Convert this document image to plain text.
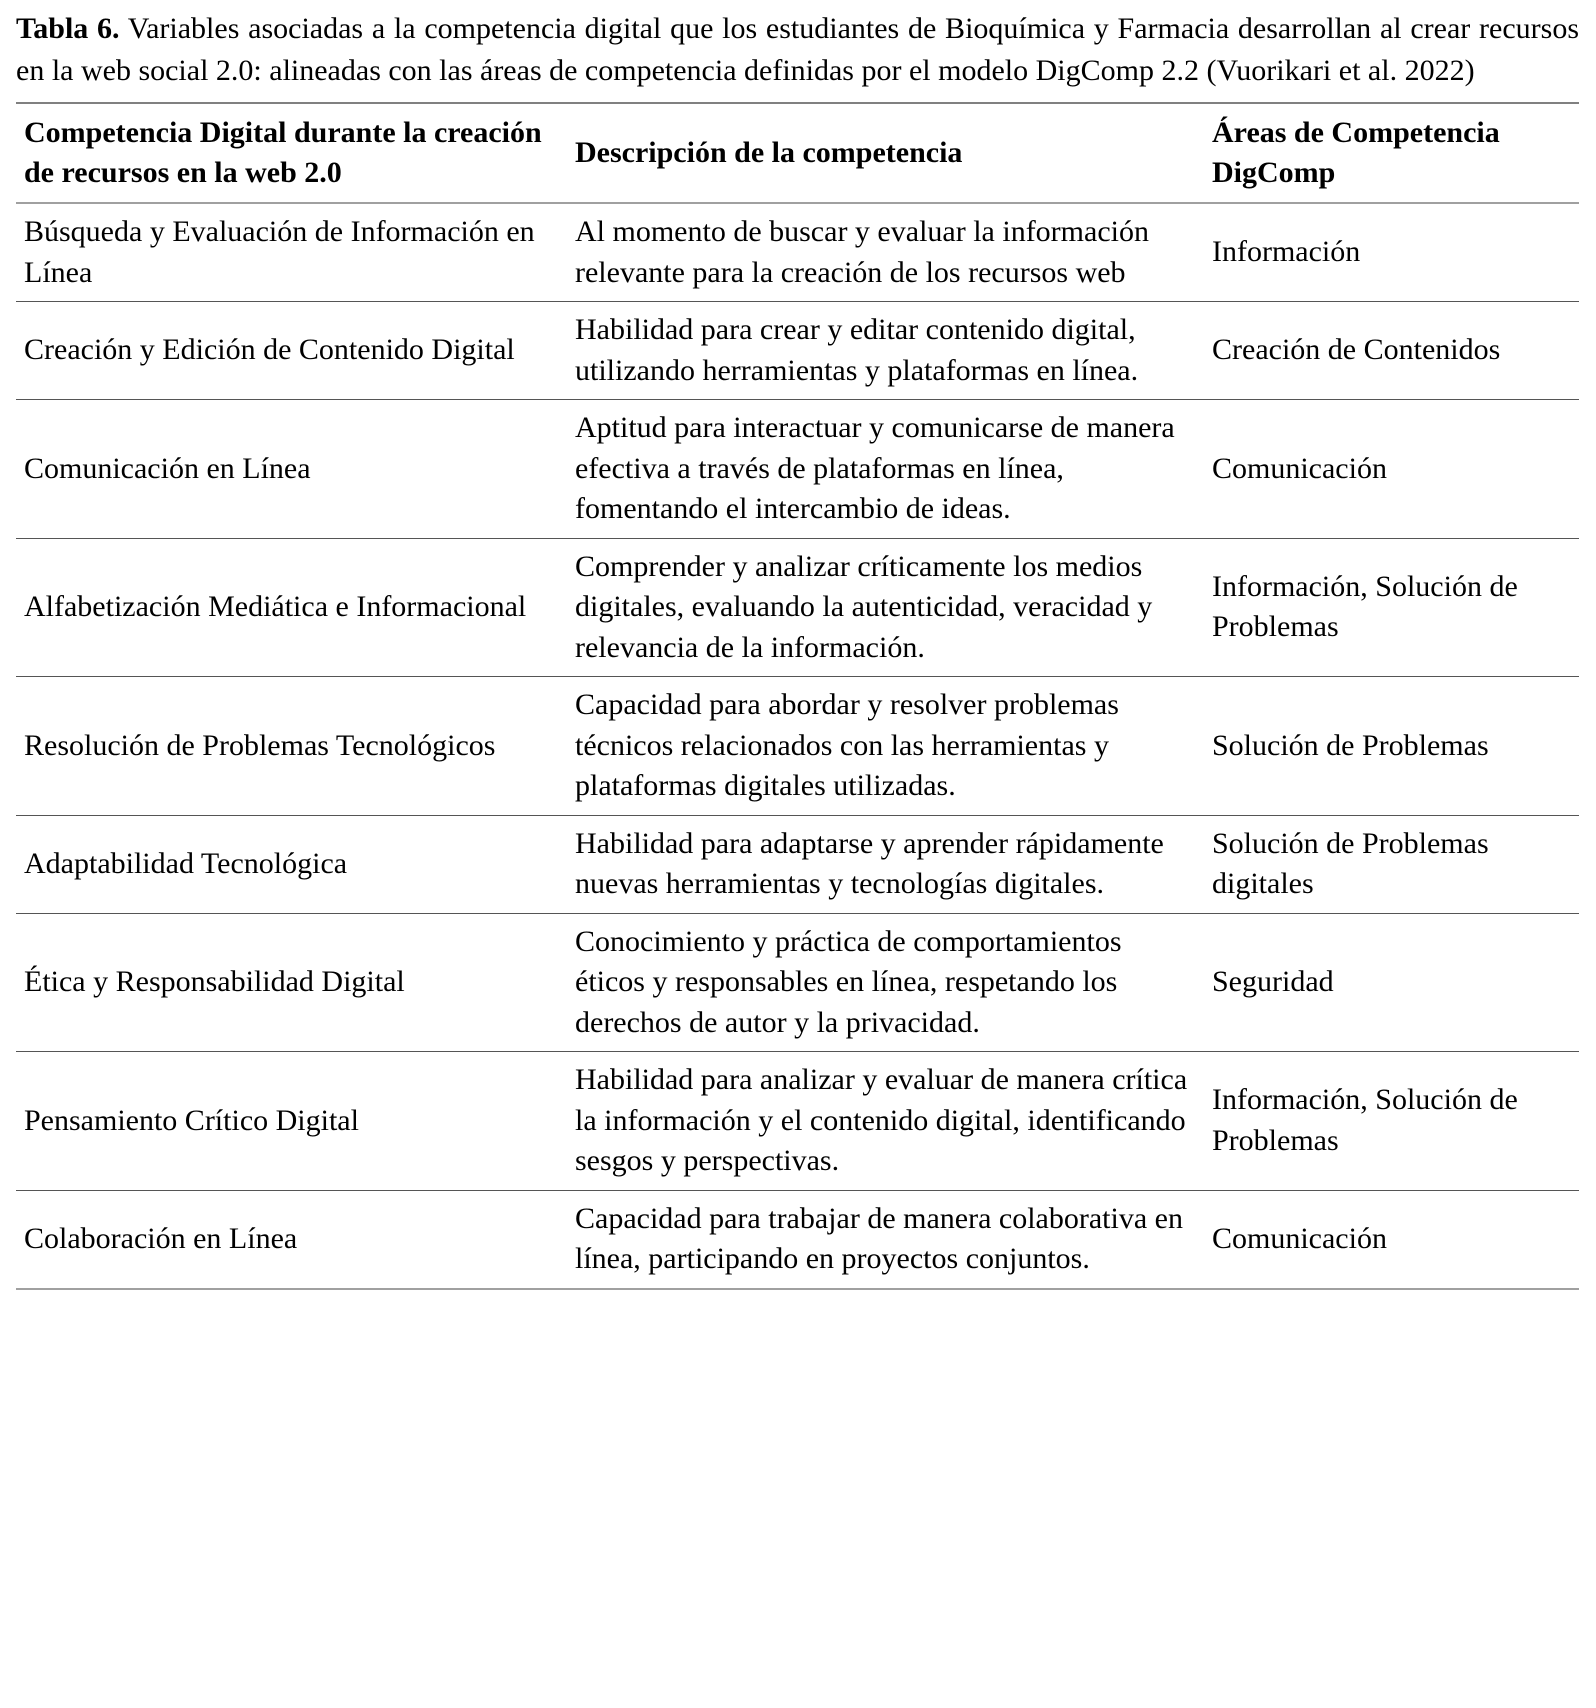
Tabla 6. Variables asociadas a la competencia digital que los estudiantes de Bioquímica y Farmacia desarrollan al crear recursos en la web social 2.0: alineadas con las áreas de competencia definidas por el modelo DigComp 2.2 (Vuorikari et al. 2022)

Competencia Digital durante la creación de recursos en la web 2.0	Descripción de la competencia	Áreas de Competencia DigComp
Búsqueda y Evaluación de Información en Línea	Al momento de buscar y evaluar la información relevante para la creación de los recursos web	Información
Creación y Edición de Contenido Digital	Habilidad para crear y editar contenido digital, utilizando herramientas y plataformas en línea.	Creación de Contenidos
Comunicación en Línea	Aptitud para interactuar y comunicarse de manera efectiva a través de plataformas en línea, fomentando el intercambio de ideas.	Comunicación
Alfabetización Mediática e Informacional	Comprender y analizar críticamente los medios digitales, evaluando la autenticidad, veracidad y relevancia de la información.	Información, Solución de Problemas
Resolución de Problemas Tecnológicos	Capacidad para abordar y resolver problemas técnicos relacionados con las herramientas y plataformas digitales utilizadas.	Solución de Problemas
Adaptabilidad Tecnológica	Habilidad para adaptarse y aprender rápidamente nuevas herramientas y tecnologías digitales.	Solución de Problemas digitales
Ética y Responsabilidad Digital	Conocimiento y práctica de comportamientos éticos y responsables en línea, respetando los derechos de autor y la privacidad.	Seguridad
Pensamiento Crítico Digital	Habilidad para analizar y evaluar de manera crítica la información y el contenido digital, identificando sesgos y perspectivas.	Información, Solución de Problemas
Colaboración en Línea	Capacidad para trabajar de manera colaborativa en línea, participando en proyectos conjuntos.	Comunicación
